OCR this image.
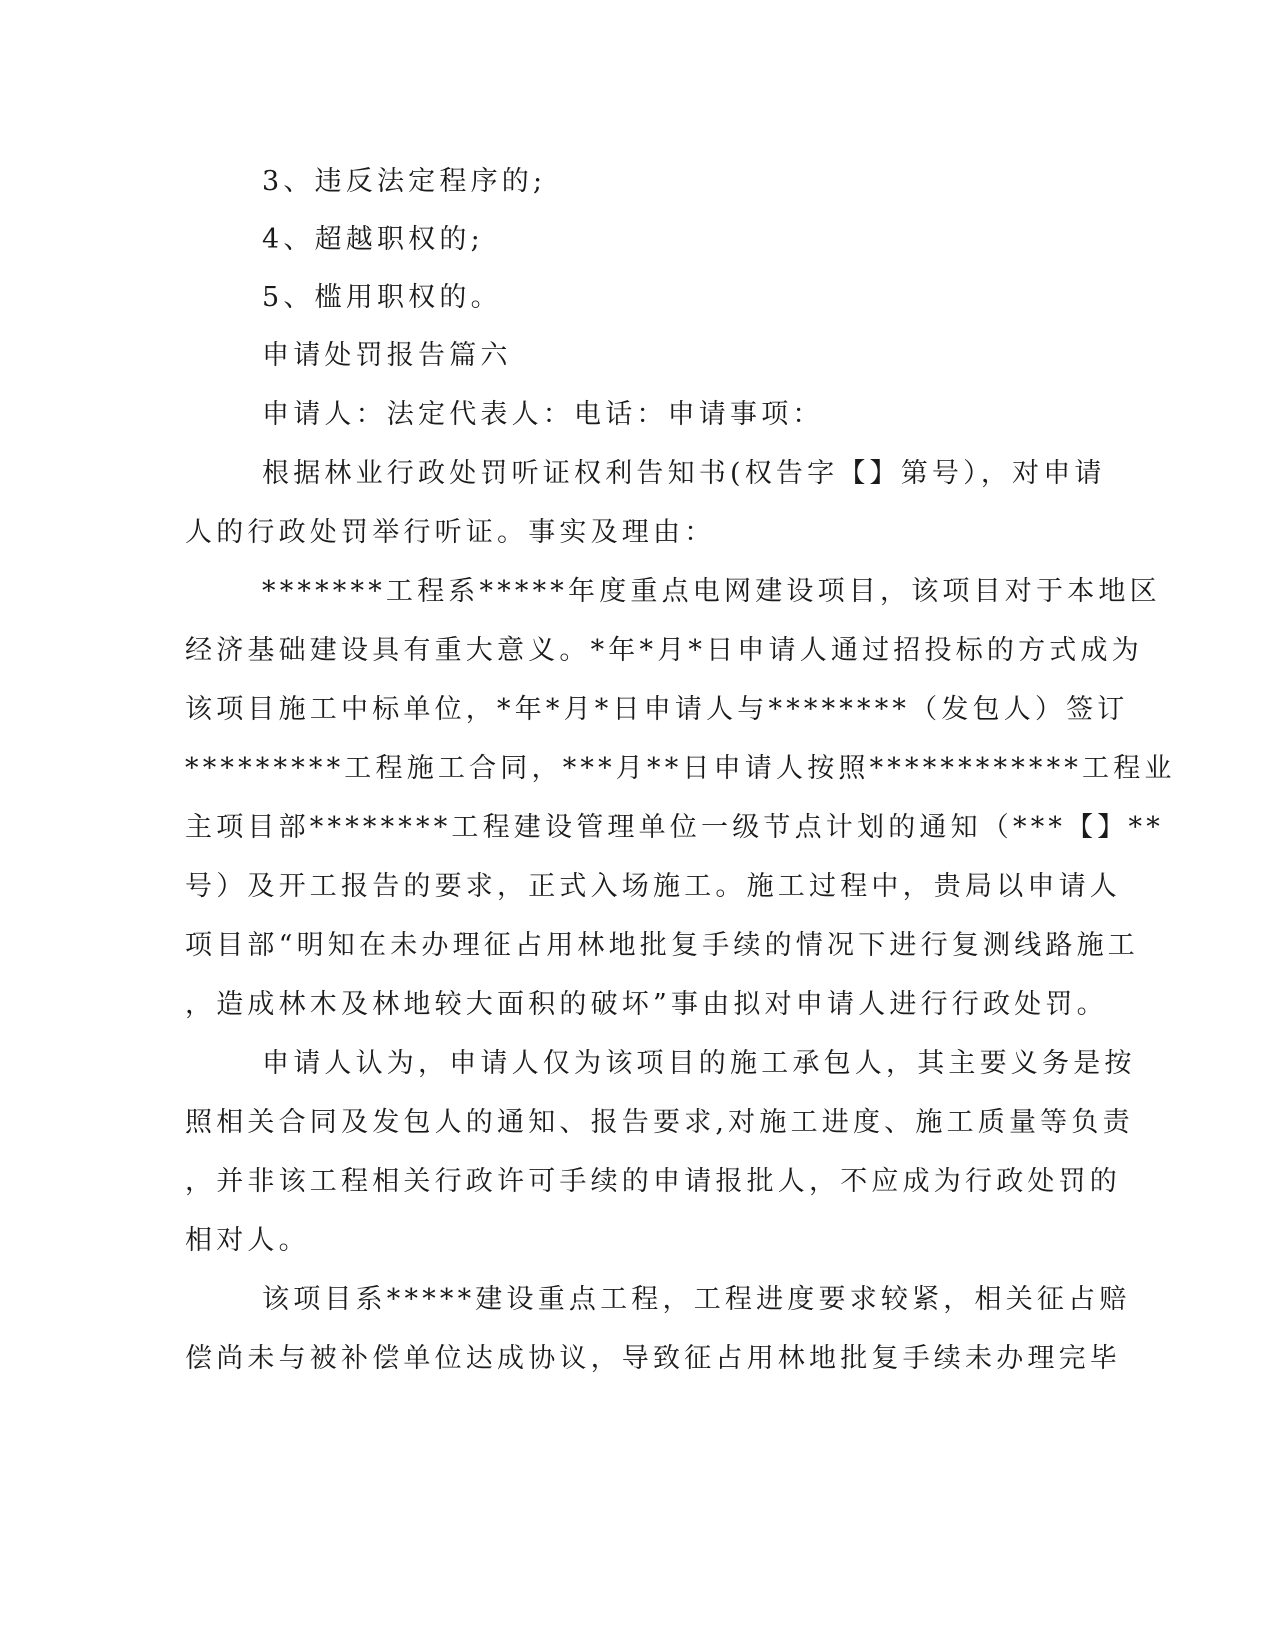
3、违反法定程序的;
4、超越职权的;
5、槛用职权的。
申请处罚报告篇六
申请人：法定代表人：电话：申请事项：
根据林业行政处罚听证权利告知书(权告字【】第号），对申请
人的行政处罚举行听证。事实及理由：
*******工程系*****年度重点电网建设项目，该项目对于本地区
经济基础建设具有重大意义。*年*月*日申请人通过招投标的方式成为
该项目施工中标单位，*年*月*日申请人与********（发包人）签订
*********工程施工合同，***月**日申请人按照************工程业
主项目部********工程建设管理单位一级节点计划的通知（***【】**
号）及开工报告的要求，正式入场施工。施工过程中，贵局以申请人
项目部“明知在未办理征占用林地批复手续的情况下进行复测线路施工
，造成林木及林地较大面积的破坏”事由拟对申请人进行行政处罚。
申请人认为，申请人仅为该项目的施工承包人，其主要义务是按
照相关合同及发包人的通知、报告要求,对施工进度、施工质量等负责
，并非该工程相关行政许可手续的申请报批人，不应成为行政处罚的
相对人。
该项目系*****建设重点工程，工程进度要求较紧，相关征占赔
偿尚未与被补偿单位达成协议，导致征占用林地批复手续未办理完毕
